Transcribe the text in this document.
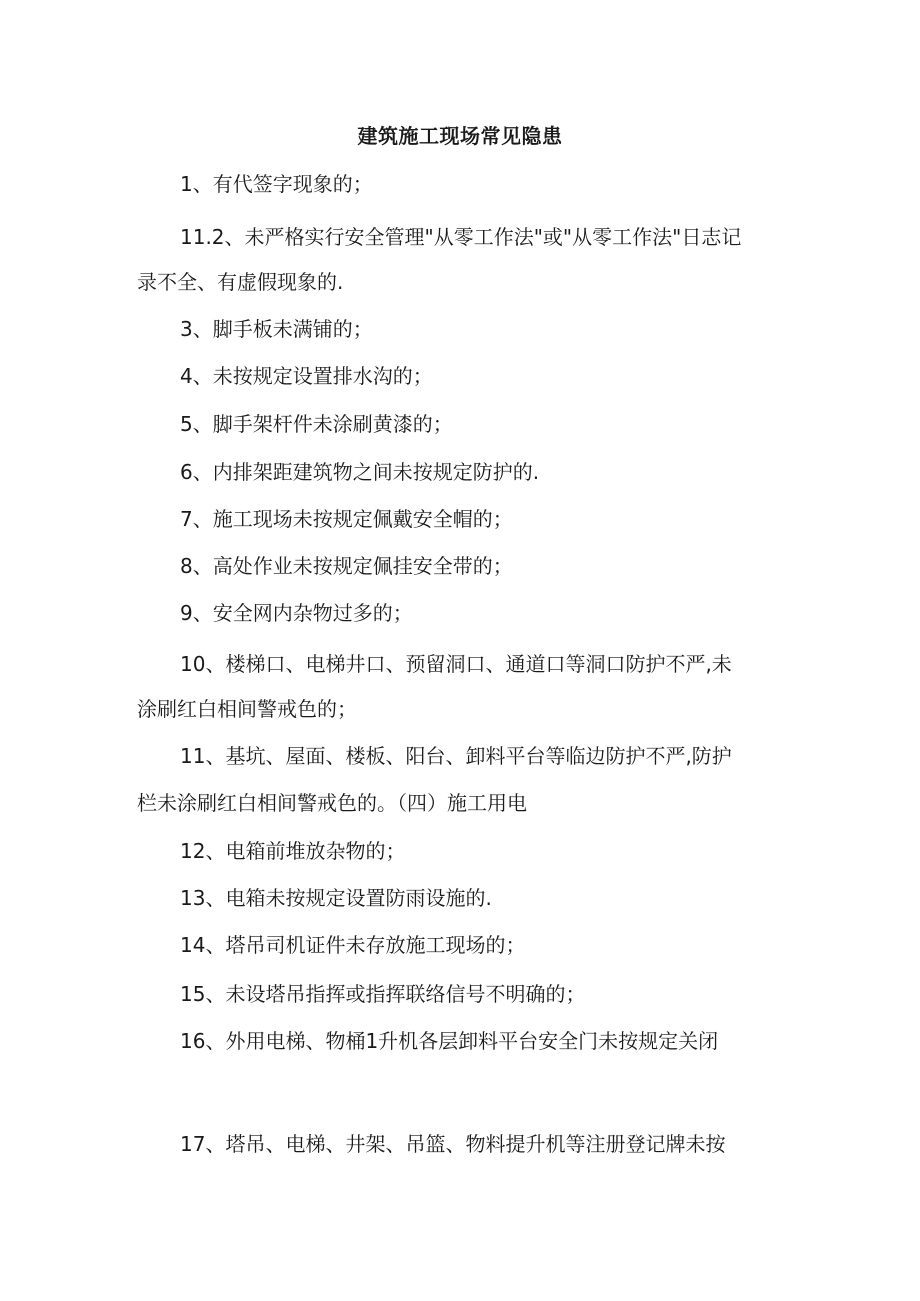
建筑施工现场常见隐患
1、有代签字现象的；
11.2、未严格实行安全管理"从零工作法"或"从零工作法"日志记
录不全、有虚假现象的.
3、脚手板未满铺的；
4、未按规定设置排水沟的；
5、脚手架杆件未涂刷黄漆的；
6、内排架距建筑物之间未按规定防护的.
7、施工现场未按规定佩戴安全帽的；
8、高处作业未按规定佩挂安全带的；
9、安全网内杂物过多的；
10、楼梯口、电梯井口、预留洞口、通道口等洞口防护不严,未
涂刷红白相间警戒色的；
11、基坑、屋面、楼板、阳台、卸料平台等临边防护不严,防护
栏未涂刷红白相间警戒色的。（四）施工用电
12、电箱前堆放杂物的；
13、电箱未按规定设置防雨设施的.
14、塔吊司机证件未存放施工现场的；
15、未设塔吊指挥或指挥联络信号不明确的；
16、外用电梯、物桶1升机各层卸料平台安全门未按规定关闭
17、塔吊、电梯、井架、吊篮、物料提升机等注册登记牌未按
